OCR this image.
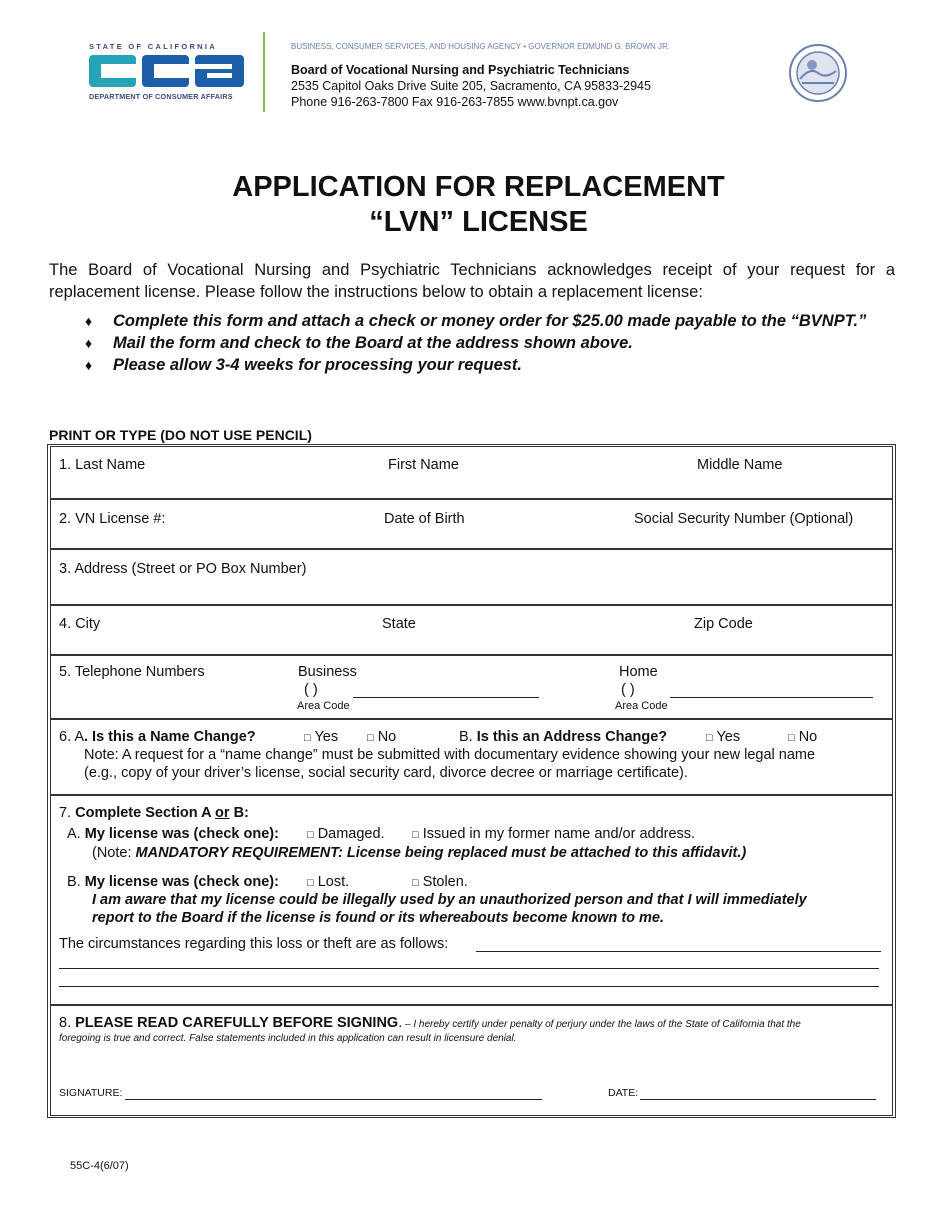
STATE OF CALIFORNIA
dca
DEPARTMENT OF CONSUMER AFFAIRS
BUSINESS, CONSUMER SERVICES, AND HOUSING AGENCY • GOVERNOR EDMUND G. BROWN JR.
Board of Vocational Nursing and Psychiatric Technicians
2535 Capitol Oaks Drive Suite 205, Sacramento, CA 95833-2945
Phone 916-263-7800 Fax 916-263-7855 www.bvnpt.ca.gov
APPLICATION FOR REPLACEMENT
“LVN” LICENSE
The Board of Vocational Nursing and Psychiatric Technicians acknowledges receipt of your request for a replacement license. Please follow the instructions below to obtain a replacement license:
♦	Complete this form and attach a check or money order for $25.00 made payable to the “BVNPT.”
♦	Mail the form and check to the Board at the address shown above.
♦	Please allow 3-4 weeks for processing your request.
PRINT OR TYPE (DO NOT USE PENCIL)
1. Last Name	First Name	Middle Name
2. VN License #:	Date of Birth	Social Security Number (Optional)
3. Address (Street or PO Box Number)
4. City	State	Zip Code
5. Telephone Numbers	Business
( )
Area Code
Home
( )
Area Code
6. A. Is this a Name Change?	□ Yes	□ No	B. Is this an Address Change?	□ Yes	□ No
Note: A request for a “name change” must be submitted with documentary evidence showing your new legal name
(e.g., copy of your driver’s license, social security card, divorce decree or marriage certificate).
7. Complete Section A or B:
A. My license was (check one):	□ Damaged. □ Issued in my former name and/or address.
(Note: MANDATORY REQUIREMENT: License being replaced must be attached to this affidavit.)
B. My license was (check one):	□ Lost.	□ Stolen.
I am aware that my license could be illegally used by an unauthorized person and that I will immediately
report to the Board if the license is found or its whereabouts become known to me.
The circumstances regarding this loss or theft are as follows:
8. PLEASE READ CAREFULLY BEFORE SIGNING. – I hereby certify under penalty of perjury under the laws of the State of California that the
foregoing is true and correct. False statements included in this application can result in licensure denial.
SIGNATURE:	DATE:
55C-4(6/07)
